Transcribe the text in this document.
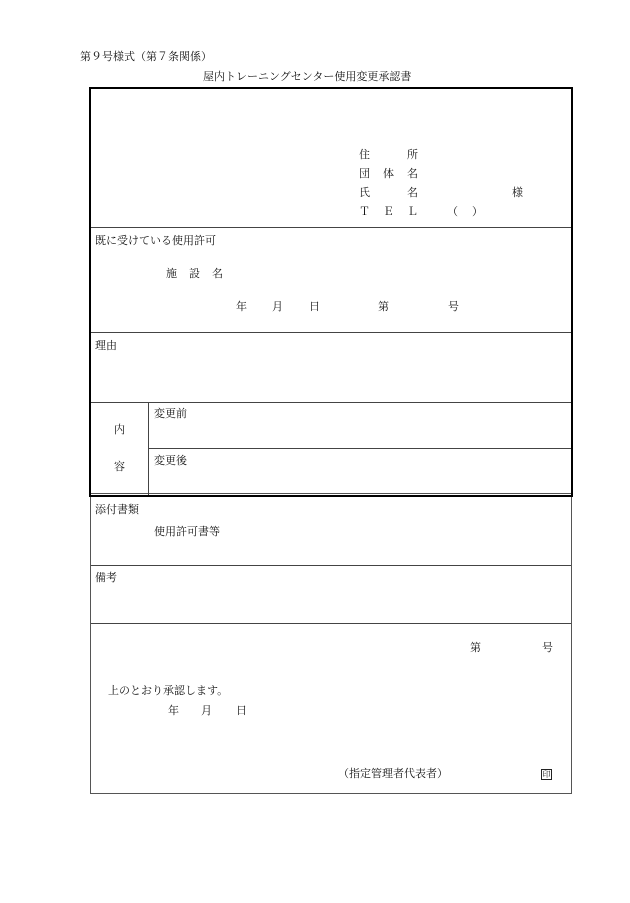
第９号様式（第７条関係）
屋内トレーニングセンター使用変更承認書
住	所
団 体 名
氏	名	様
Ｔ Ｅ Ｌ	（ ）
既に受けている使用許可
施 設 名
年 月 日	第	号
理由
内
容
変更前
変更後
添付書類
使用許可書等
備考
第	号
上のとおり承認します。
年 月 日
（指定管理者代表者）	印
